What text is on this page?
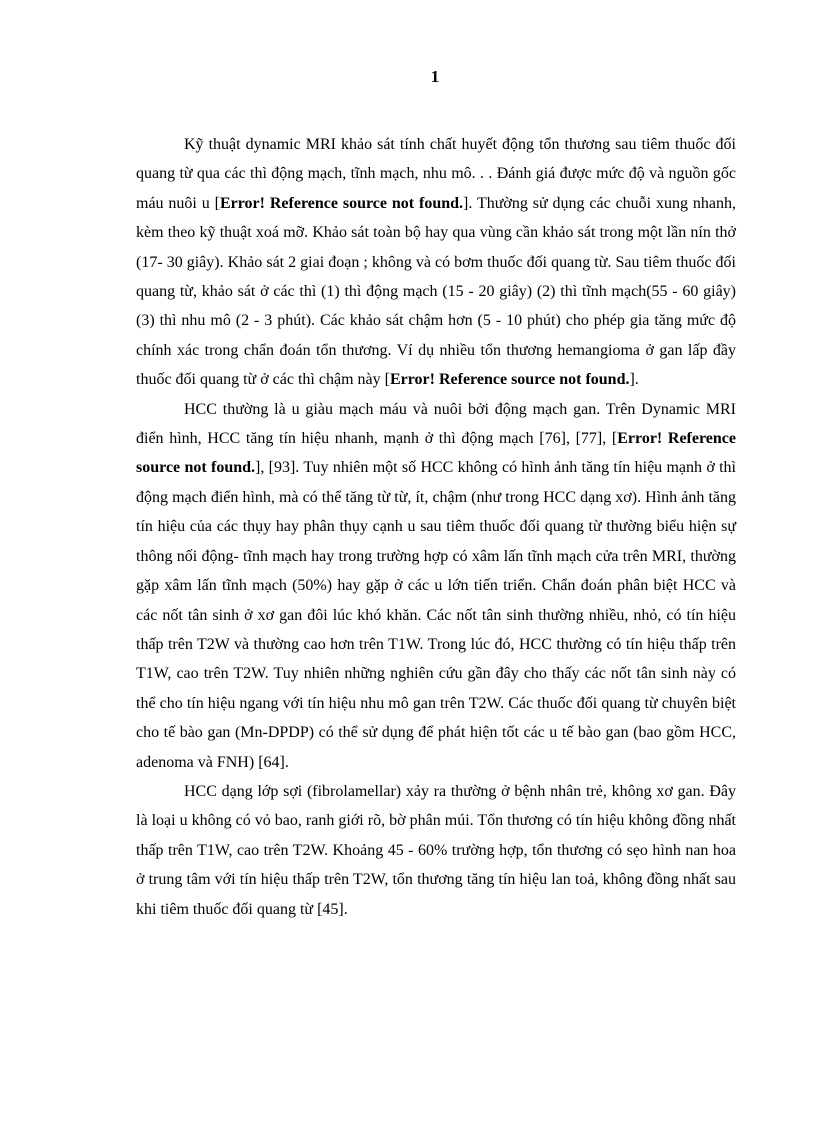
1

Kỹ thuật dynamic MRI khảo sát tính chất huyết động tổn thương sau tiêm thuốc đối quang từ qua các thì động mạch, tĩnh mạch, nhu mô. . . Đánh giá được mức độ và nguồn gốc máu nuôi u [Error! Reference source not found.]. Thường sử dụng các chuỗi xung nhanh, kèm theo kỹ thuật xoá mỡ. Khảo sát toàn bộ hay qua vùng cần khảo sát trong một lần nín thở (17- 30 giây). Khảo sát 2 giai đoạn ; không và có bơm thuốc đối quang từ. Sau tiêm thuốc đối quang từ, khảo sát ở các thì (1) thì động mạch (15 - 20 giây) (2) thì tĩnh mạch(55 - 60 giây) (3) thì nhu mô (2 - 3 phút). Các khảo sát chậm hơn (5 - 10 phút) cho phép gia tăng mức độ chính xác trong chẩn đoán tổn thương. Ví dụ nhiều tổn thương hemangioma ở gan lấp đầy thuốc đối quang từ ở các thì chậm này [Error! Reference source not found.].

HCC thường là u giàu mạch máu và nuôi bởi động mạch gan. Trên Dynamic MRI điển hình, HCC tăng tín hiệu nhanh, mạnh ở thì động mạch [76], [77], [Error! Reference source not found.], [93]. Tuy nhiên một số HCC không có hình ảnh tăng tín hiệu mạnh ở thì động mạch điển hình, mà có thể tăng từ từ, ít, chậm (như trong HCC dạng xơ). Hình ảnh tăng tín hiệu của các thụy hay phân thụy cạnh u sau tiêm thuốc đối quang từ thường biểu hiện sự thông nối động- tĩnh mạch hay trong trường hợp có xâm lấn tĩnh mạch cửa trên MRI, thường gặp xâm lấn tĩnh mạch (50%) hay gặp ở các u lớn tiến triển. Chẩn đoán phân biệt HCC và các nốt tân sinh ở xơ gan đôi lúc khó khăn. Các nốt tân sinh thường nhiều, nhỏ, có tín hiệu thấp trên T2W và thường cao hơn trên T1W. Trong lúc đó, HCC thường có tín hiệu thấp trên T1W, cao trên T2W. Tuy nhiên những nghiên cứu gần đây cho thấy các nốt tân sinh này có thể cho tín hiệu ngang với tín hiệu nhu mô gan trên T2W. Các thuốc đối quang từ chuyên biệt cho tế bào gan (Mn-DPDP) có thể sử dụng để phát hiện tốt các u tế bào gan (bao gồm HCC, adenoma và FNH) [64].

HCC dạng lớp sợi (fibrolamellar) xảy ra thường ở bệnh nhân trẻ, không xơ gan. Đây là loại u không có vỏ bao, ranh giới rõ, bờ phân múi. Tổn thương có tín hiệu không đồng nhất thấp trên T1W, cao trên T2W. Khoảng 45 - 60% trường hợp, tổn thương có sẹo hình nan hoa ở trung tâm với tín hiệu thấp trên T2W, tổn thương tăng tín hiệu lan toả, không đồng nhất sau khi tiêm thuốc đối quang từ [45].
